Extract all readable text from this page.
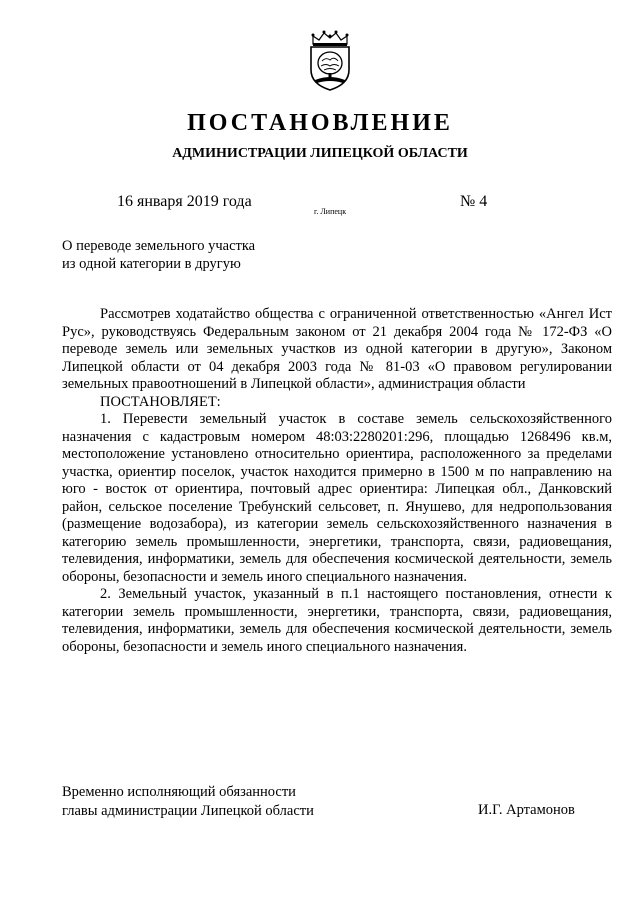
ПОСТАНОВЛЕНИЕ
АДМИНИСТРАЦИИ ЛИПЕЦКОЙ ОБЛАСТИ
16 января 2019 года
г. Липецк
№ 4
О переводе земельного участка
из одной категории в другую

Рассмотрев ходатайство общества с ограниченной ответственностью «Ангел Ист Рус», руководствуясь Федеральным законом от 21 декабря 2004 года № 172-ФЗ «О переводе земель или земельных участков из одной категории в другую», Законом Липецкой области от 04 декабря 2003 года № 81-03 «О правовом регулировании земельных правоотношений в Липецкой области», администрация области

ПОСТАНОВЛЯЕТ:

1. Перевести земельный участок в составе земель сельскохозяйственного назначения с кадастровым номером 48:03:2280201:296, площадью 1268496 кв.м, местоположение установлено относительно ориентира, расположенного за пределами участка, ориентир поселок, участок находится примерно в 1500 м по направлению на юго - восток от ориентира, почтовый адрес ориентира: Липецкая обл., Данковский район, сельское поселение Требунский сельсовет, п. Янушево, для недропользования (размещение водозабора), из категории земель сельскохозяйственного назначения в категорию земель промышленности, энергетики, транспорта, связи, радиовещания, телевидения, информатики, земель для обеспечения космической деятельности, земель обороны, безопасности и земель иного специального назначения.

2. Земельный участок, указанный в п.1 настоящего постановления, отнести к категории земель промышленности, энергетики, транспорта, связи, радиовещания, телевидения, информатики, земель для обеспечения космической деятельности, земель обороны, безопасности и земель иного специального назначения.

Временно исполняющий обязанности
главы администрации Липецкой области	И.Г. Артамонов
